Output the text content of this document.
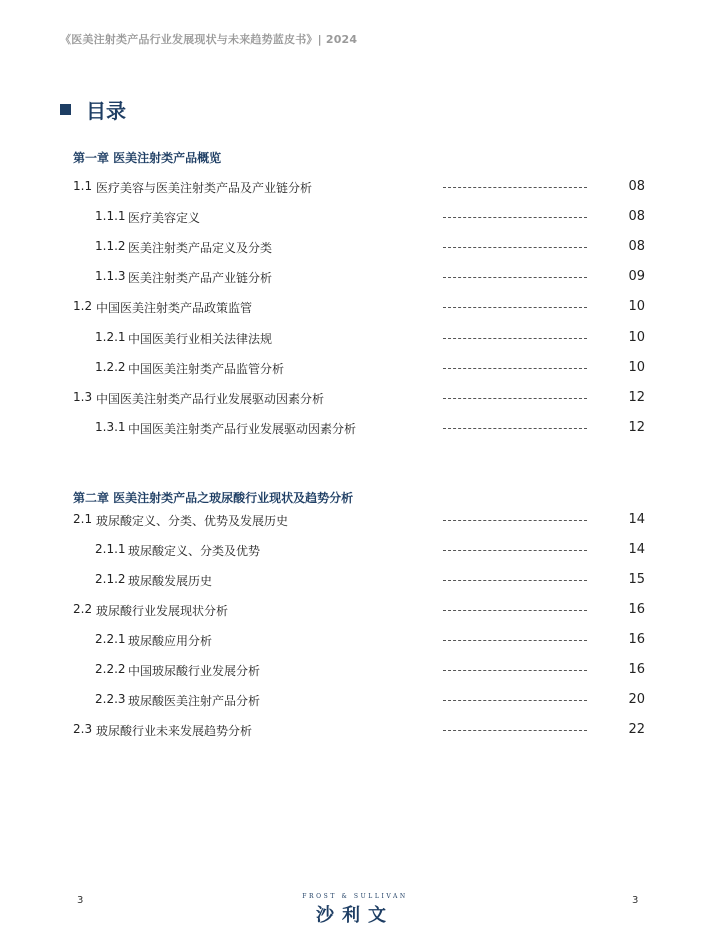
《医美注射类产品行业发展现状与未来趋势蓝皮书》| 2024
目录
第一章 医美注射类产品概览
1.1 医疗美容与医美注射类产品及产业链分析	08
1.1.1 医疗美容定义	08
1.1.2 医美注射类产品定义及分类	08
1.1.3 医美注射类产品产业链分析	09
1.2 中国医美注射类产品政策监管	10
1.2.1 中国医美行业相关法律法规	10
1.2.2 中国医美注射类产品监管分析	10
1.3 中国医美注射类产品行业发展驱动因素分析	12
1.3.1 中国医美注射类产品行业发展驱动因素分析	12
第二章 医美注射类产品之玻尿酸行业现状及趋势分析
2.1 玻尿酸定义、分类、优势及发展历史	14
2.1.1 玻尿酸定义、分类及优势	14
2.1.2 玻尿酸发展历史	15
2.2 玻尿酸行业发展现状分析	16
2.2.1 玻尿酸应用分析	16
2.2.2 中国玻尿酸行业发展分析	16
2.2.3 玻尿酸医美注射产品分析	20
2.3 玻尿酸行业未来发展趋势分析	22
3	FROST & SULLIVAN
沙利文
3
